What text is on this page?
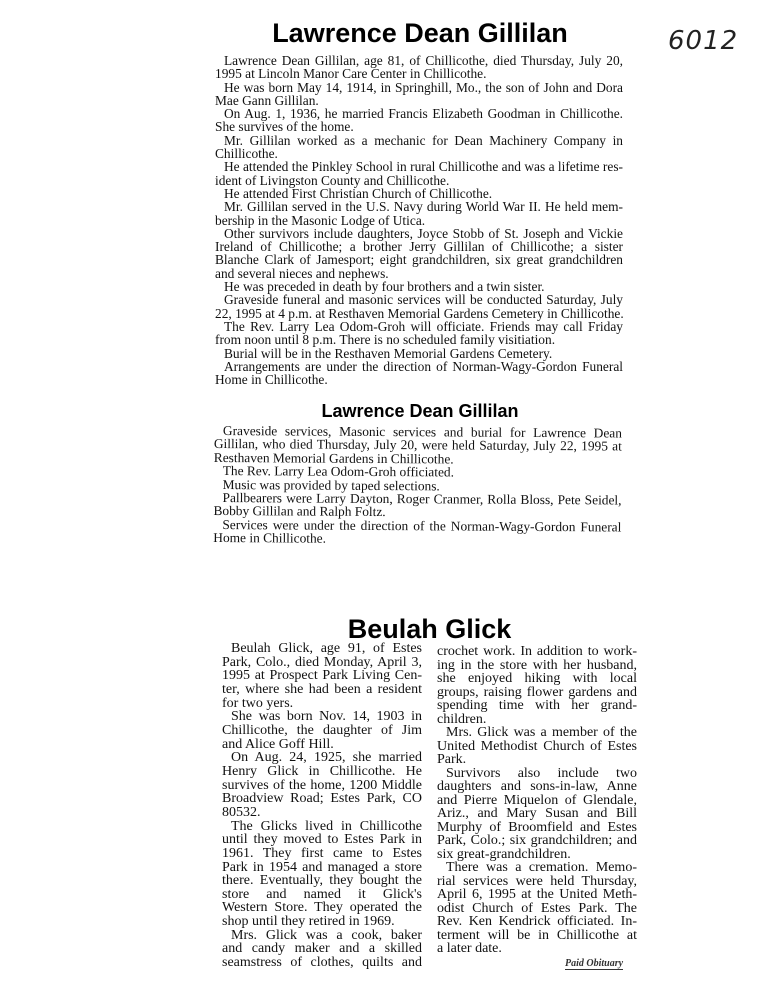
6012
Lawrence Dean Gillilan
Lawrence Dean Gillilan, age 81, of Chillicothe, died Thursday, July 20,
1995 at Lincoln Manor Care Center in Chillicothe.
He was born May 14, 1914, in Springhill, Mo., the son of John and Dora
Mae Gann Gillilan.
On Aug. 1, 1936, he married Francis Elizabeth Goodman in Chillicothe.
She survives of the home.
Mr. Gillilan worked as a mechanic for Dean Machinery Company in
Chillicothe.
He attended the Pinkley School in rural Chillicothe and was a lifetime res-
ident of Livingston County and Chillicothe.
He attended First Christian Church of Chillicothe.
Mr. Gillilan served in the U.S. Navy during World War II. He held mem-
bership in the Masonic Lodge of Utica.
Other survivors include daughters, Joyce Stobb of St. Joseph and Vickie
Ireland of Chillicothe; a brother Jerry Gillilan of Chillicothe; a sister
Blanche Clark of Jamesport; eight grandchildren, six great grandchildren
and several nieces and nephews.
He was preceded in death by four brothers and a twin sister.
Graveside funeral and masonic services will be conducted Saturday, July
22, 1995 at 4 p.m. at Resthaven Memorial Gardens Cemetery in Chillicothe.
The Rev. Larry Lea Odom-Groh will officiate. Friends may call Friday
from noon until 8 p.m. There is no scheduled family visitiation.
Burial will be in the Resthaven Memorial Gardens Cemetery.
Arrangements are under the direction of Norman-Wagy-Gordon Funeral
Home in Chillicothe.
Lawrence Dean Gillilan
Graveside services, Masonic services and burial for Lawrence Dean
Gillilan, who died Thursday, July 20, were held Saturday, July 22, 1995 at
Resthaven Memorial Gardens in Chillicothe.
The Rev. Larry Lea Odom-Groh officiated.
Music was provided by taped selections.
Pallbearers were Larry Dayton, Roger Cranmer, Rolla Bloss, Pete Seidel,
Bobby Gillilan and Ralph Foltz.
Services were under the direction of the Norman-Wagy-Gordon Funeral
Home in Chillicothe.
Beulah Glick
Beulah Glick, age 91, of Estes
Park, Colo., died Monday, April 3,
1995 at Prospect Park Living Cen-
ter, where she had been a resident
for two yers.
She was born Nov. 14, 1903 in
Chillicothe, the daughter of Jim
and Alice Goff Hill.
On Aug. 24, 1925, she married
Henry Glick in Chillicothe. He
survives of the home, 1200 Middle
Broadview Road; Estes Park, CO
80532.
The Glicks lived in Chillicothe
until they moved to Estes Park in
1961. They first came to Estes
Park in 1954 and managed a store
there. Eventually, they bought the
store and named it Glick's
Western Store. They operated the
shop until they retired in 1969.
Mrs. Glick was a cook, baker
and candy maker and a skilled
seamstress of clothes, quilts and
crochet work. In addition to work-
ing in the store with her husband,
she enjoyed hiking with local
groups, raising flower gardens and
spending time with her grand-
children.
Mrs. Glick was a member of the
United Methodist Church of Estes
Park.
Survivors also include two
daughters and sons-in-law, Anne
and Pierre Miquelon of Glendale,
Ariz., and Mary Susan and Bill
Murphy of Broomfield and Estes
Park, Colo.; six grandchildren; and
six great-grandchildren.
There was a cremation. Memo-
rial services were held Thursday,
April 6, 1995 at the United Meth-
odist Church of Estes Park. The
Rev. Ken Kendrick officiated. In-
terment will be in Chillicothe at
a later date.
Paid Obituary
